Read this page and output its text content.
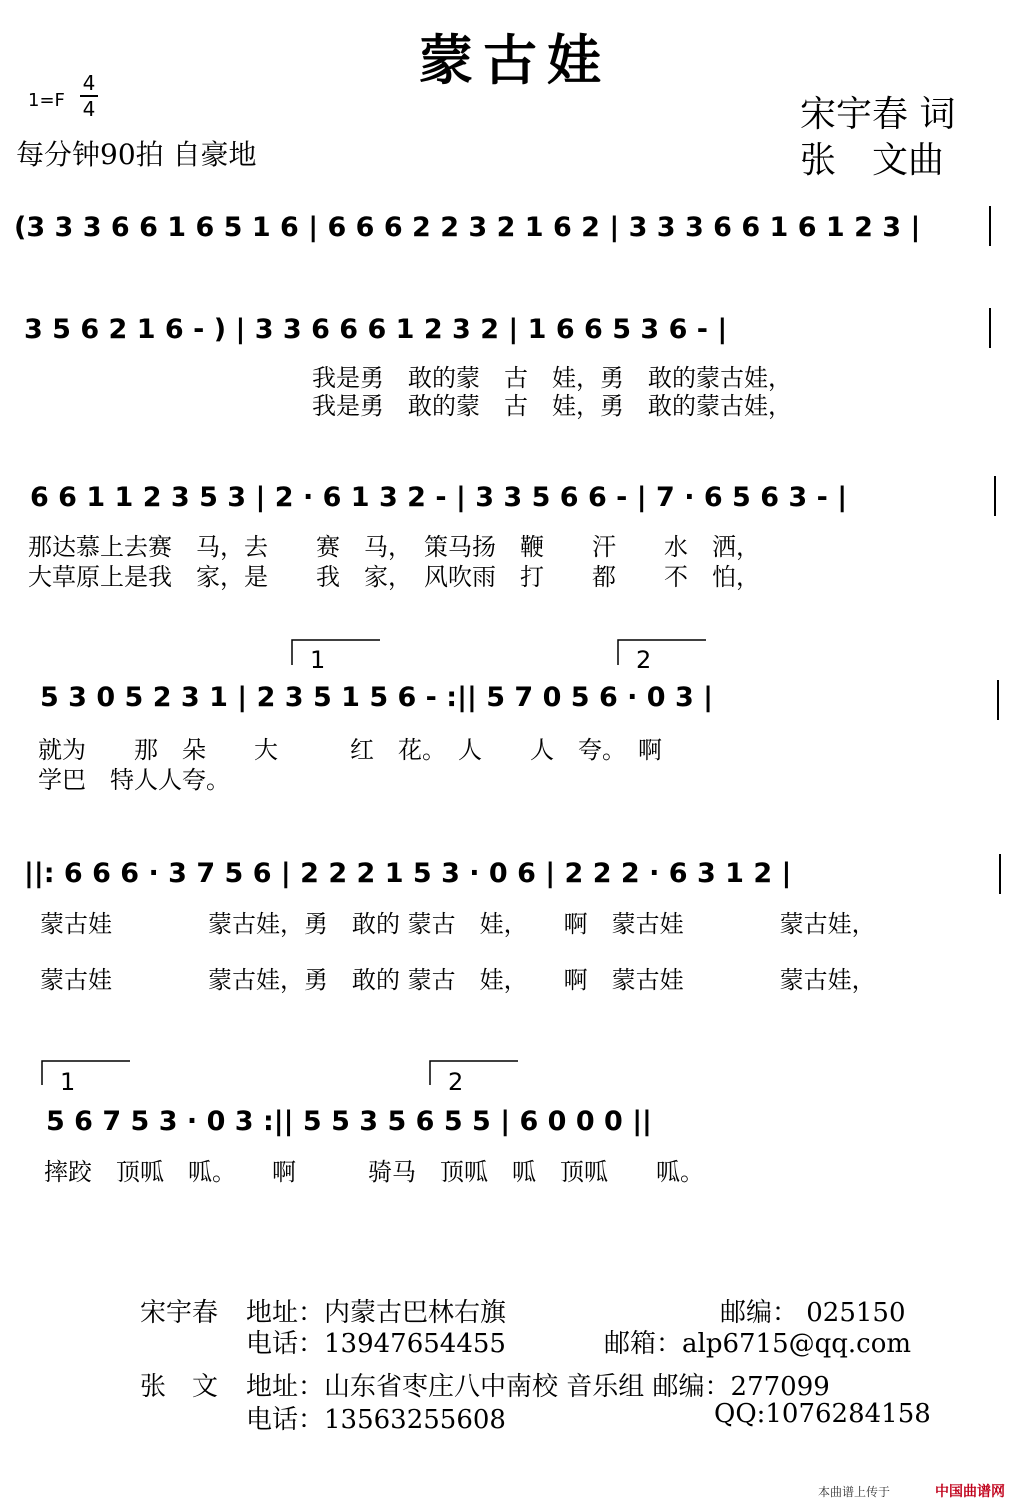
蒙古娃
1=F
4
4
每分钟90拍 自豪地
宋宇春 词
张　文曲
(3 3 3 6 6 1 6 5 1 6 | 6 6 6 2 2 3 2 1 6 2 | 3 3 3 6 6 1 6 1 2 3 |
3 5 6 2 1 6 - ) | 3 3 6 6 6 1 2 3 2 | 1 6 6 5 3 6 - |
6 6 1 1 2 3 5 3 | 2 · 6 1 3 2 - | 3 3 5 6 6 - | 7 · 6 5 6 3 - |
5 3 0 5 2 3 1 | 2 3 5 1 5 6 - :|| 5 7 0 5 6 · 0 3 |
||: 6 6 6 · 3 7 5 6 | 2 2 2 1 5 3 · 0 6 | 2 2 2 · 6 3 1 2 |
5 6 7 5 3 · 0 3 :|| 5 5 3 5 6 5 5 | 6 0 0 0 ||
1	2
1	2
我是勇　敢的蒙　古　娃，勇　敢的蒙古娃，
我是勇　敢的蒙　古　娃，勇　敢的蒙古娃，
那达慕上去赛　马，去　　赛　马，　策马扬　鞭　　汗　　水　洒，
大草原上是我　家，是　　我　家，　风吹雨　打　　都　　不　怕，
就为　　那　朵　　大　　　红　花。　人　　人　夸。　啊
学巴　特人人夸。
蒙古娃　　　　蒙古娃，勇　敢的 蒙古　娃，　　啊　蒙古娃　　　　蒙古娃，
蒙古娃　　　　蒙古娃，勇　敢的 蒙古　娃，　　啊　蒙古娃　　　　蒙古娃，
摔跤　顶呱　呱。　　啊　　　骑马　顶呱　呱　顶呱　　呱。
宋宇春 地址：内蒙古巴林右旗	邮编： 025150
电话：13947654455	邮箱：alp6715@qq.com
张　文 地址：山东省枣庄八中南校 音乐组 邮编：277099
电话：13563255608	QQ:1076284158
本曲谱上传于	中国曲谱网
